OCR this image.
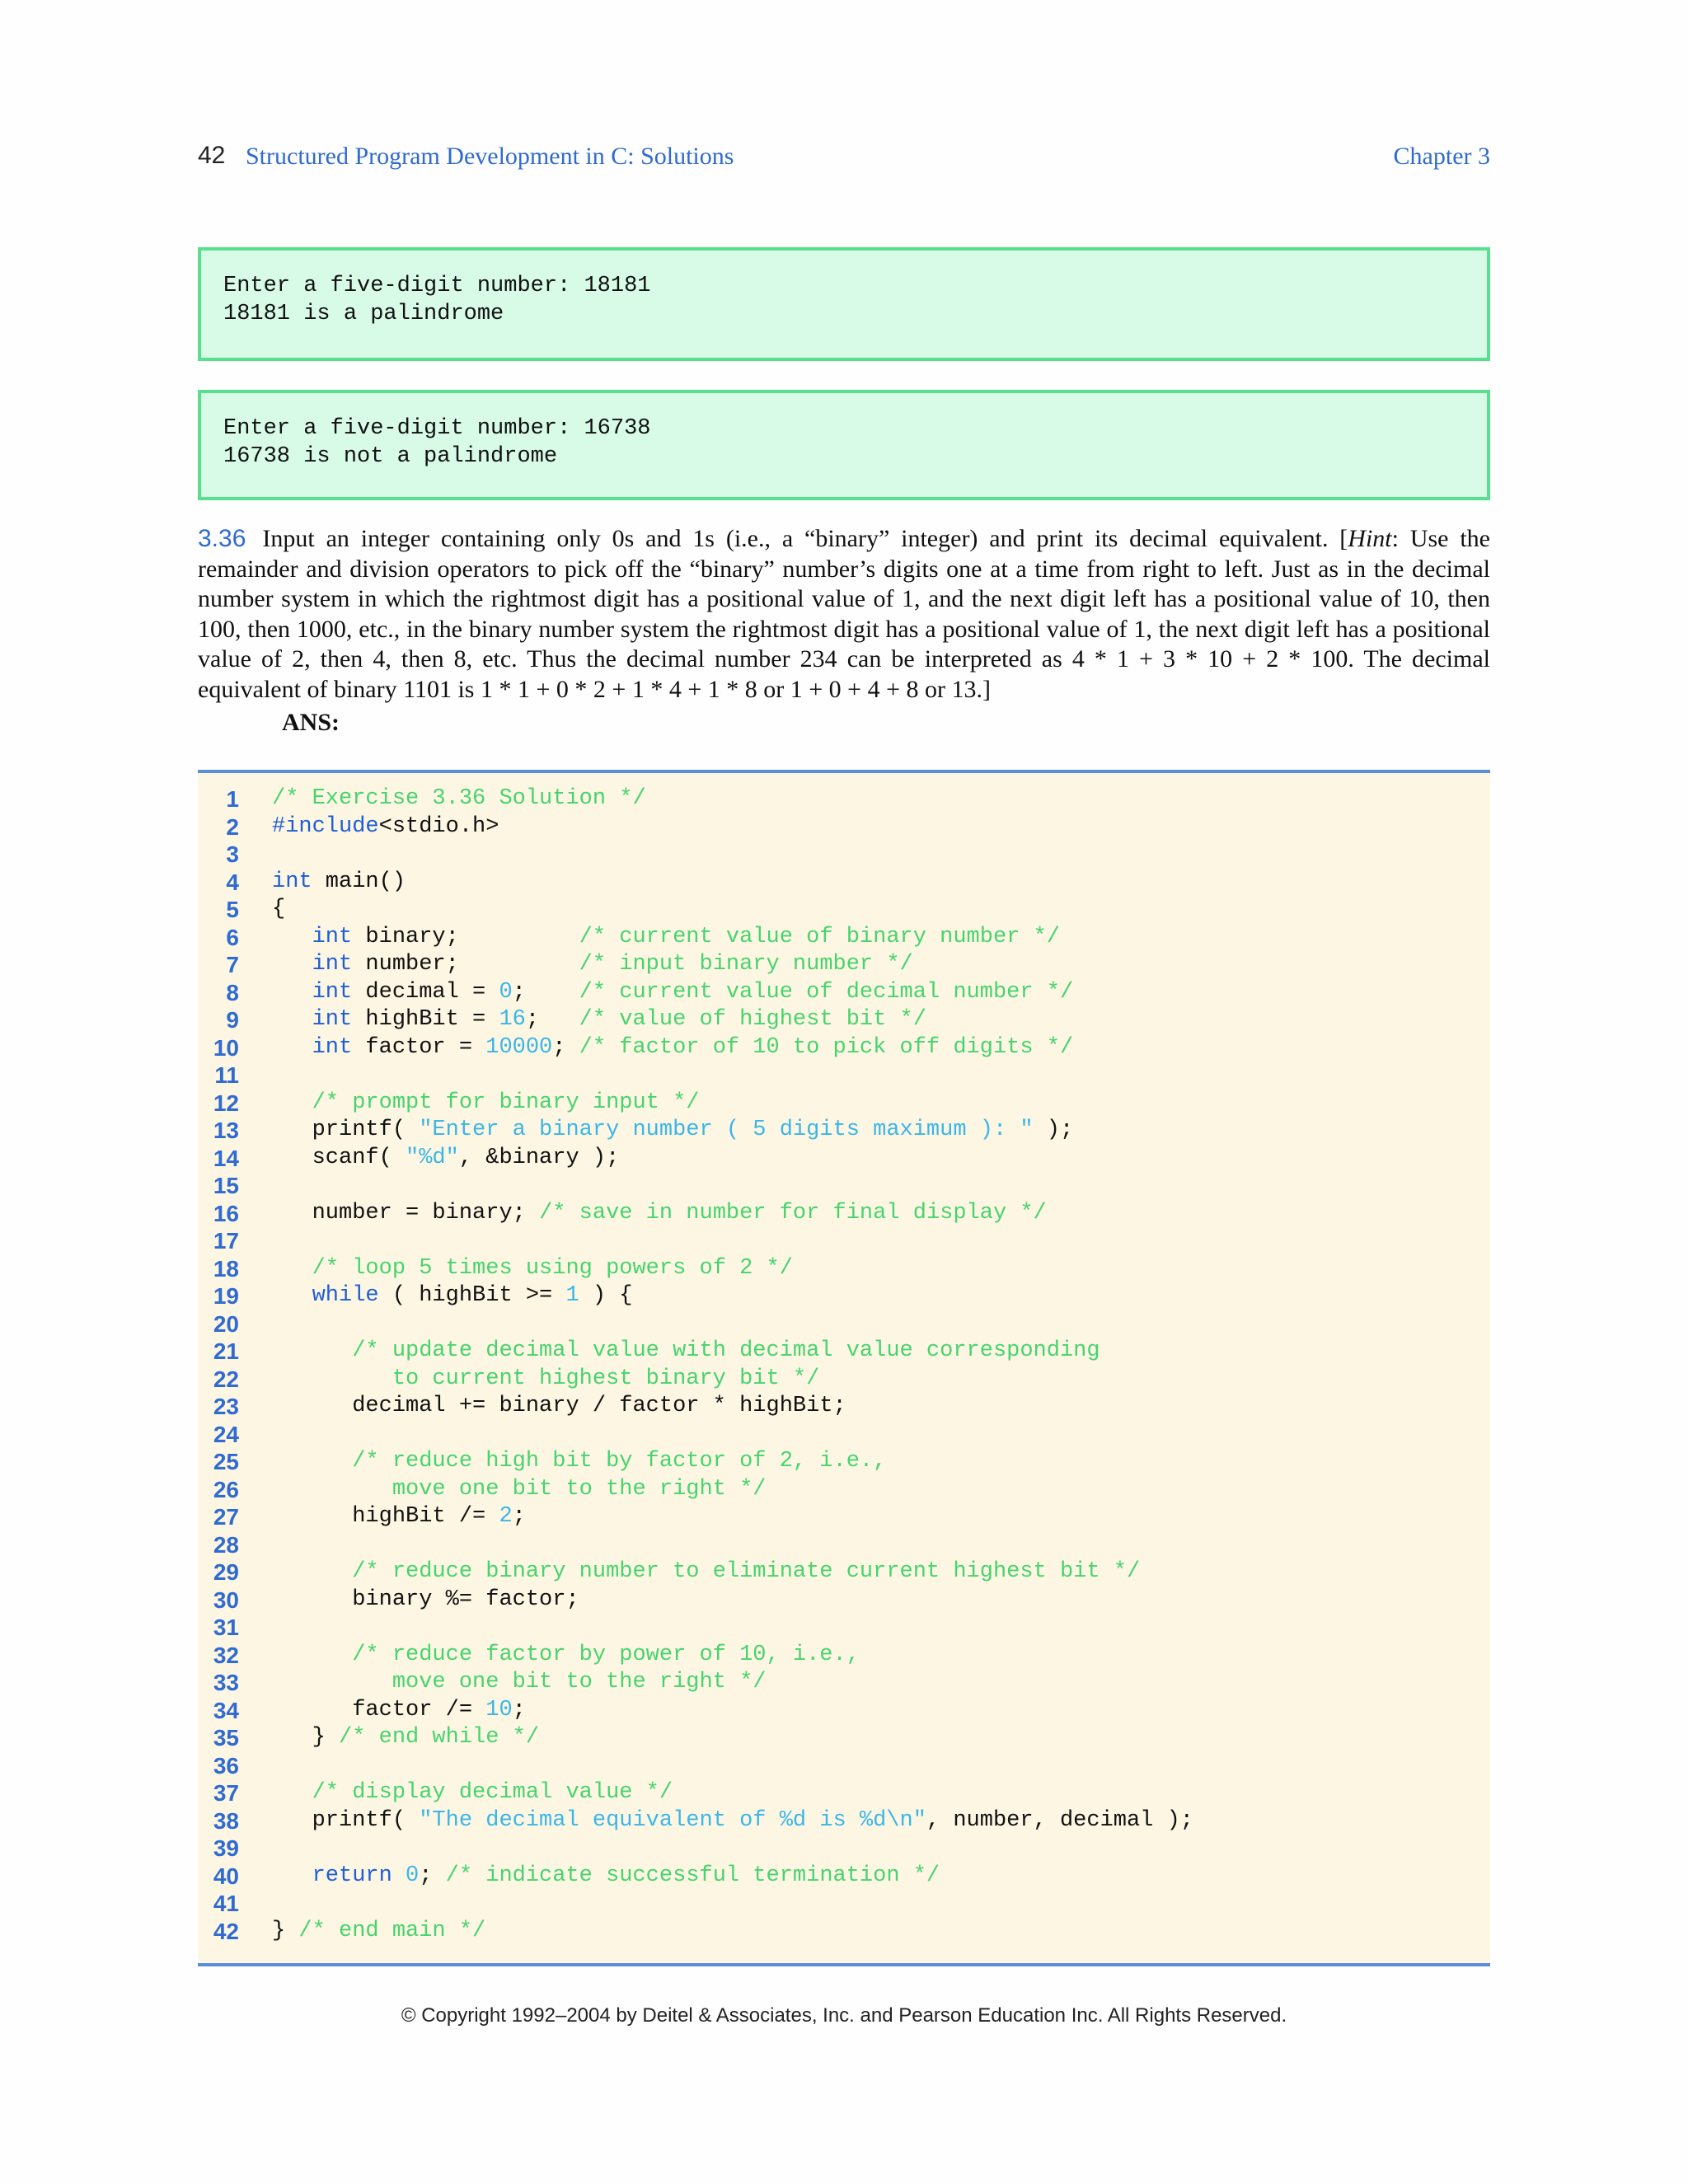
42 Structured Program Development in C: Solutions	Chapter 3
Enter a five-digit number: 18181
18181 is a palindrome
Enter a five-digit number: 16738
16738 is not a palindrome
3.36 Input an integer containing only 0s and 1s (i.e., a “binary” integer) and print its decimal equivalent. [Hint: Use the remainder and division operators to pick off the “binary” number’s digits one at a time from right to left. Just as in the decimal number system in which the rightmost digit has a positional value of 1, and the next digit left has a positional value of 10, then 100, then 1000, etc., in the binary number system the rightmost digit has a positional value of 1, the next digit left has a positional value of 2, then 4, then 8, etc. Thus the decimal number 234 can be interpreted as 4 * 1 + 3 * 10 + 2 * 100. The decimal equivalent of binary 1101 is 1 * 1 + 0 * 2 + 1 * 4 + 1 * 8 or 1 + 0 + 4 + 8 or 13.]
ANS:
1 /* Exercise 3.36 Solution */
2 #include<stdio.h>
3
4 int main()
5 {
6	int binary;         /* current value of binary number */
7	int number;         /* input binary number */
8	int decimal = 0;    /* current value of decimal number */
9	int highBit = 16;   /* value of highest bit */
10	int factor = 10000; /* factor of 10 to pick off digits */
11
12	/* prompt for binary input */
13 printf( "Enter a binary number ( 5 digits maximum ): " );
14 scanf( "%d", &binary );
15
16 number = binary; /* save in number for final display */
17
18	/* loop 5 times using powers of 2 */
19	while ( highBit >= 1 ) {
20
21	/* update decimal value with decimal value corresponding
22 to current highest binary bit */
23 decimal += binary / factor * highBit;
24
25	/* reduce high bit by factor of 2, i.e.,
26 move one bit to the right */
27 highBit /= 2;
28
29	/* reduce binary number to eliminate current highest bit */
30 binary %= factor;
31
32	/* reduce factor by power of 10, i.e.,
33 move one bit to the right */
34 factor /= 10;
35 } /* end while */
36
37	/* display decimal value */
38 printf( "The decimal equivalent of %d is %d\n", number, decimal );
39
40	return 0; /* indicate successful termination */
41
42 } /* end main */
© Copyright 1992–2004 by Deitel & Associates, Inc. and Pearson Education Inc. All Rights Reserved.
